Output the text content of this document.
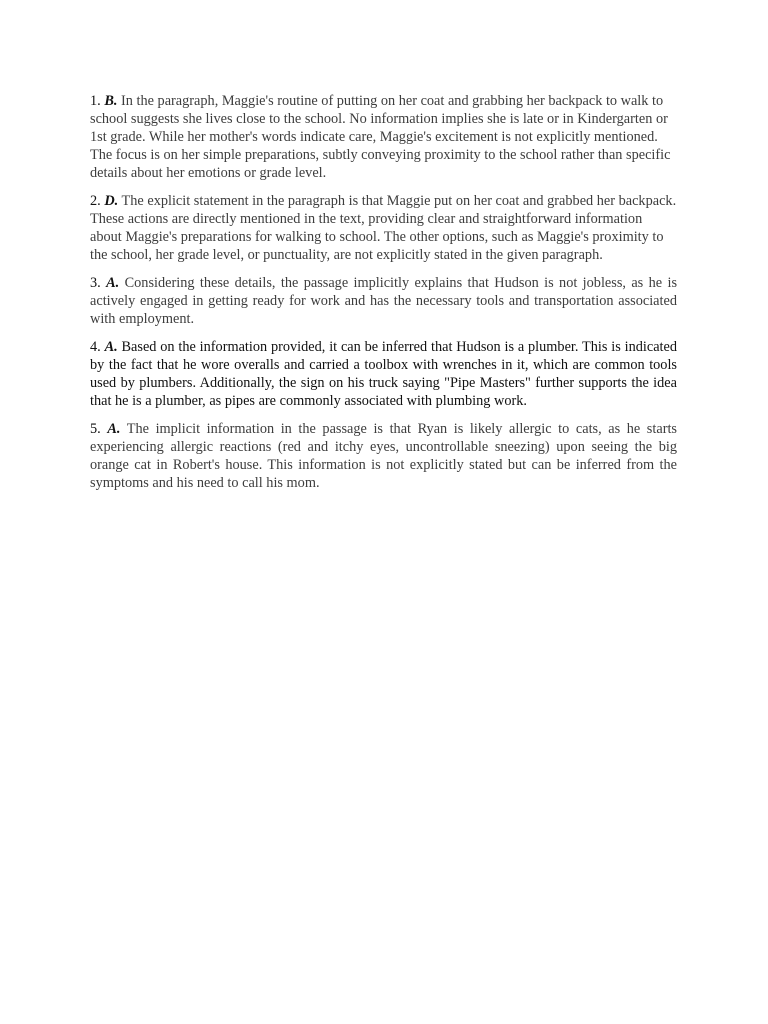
1. B. In the paragraph, Maggie's routine of putting on her coat and grabbing her backpack to walk to school suggests she lives close to the school. No information implies she is late or in Kindergarten or 1st grade. While her mother's words indicate care, Maggie's excitement is not explicitly mentioned. The focus is on her simple preparations, subtly conveying proximity to the school rather than specific details about her emotions or grade level.

2. D. The explicit statement in the paragraph is that Maggie put on her coat and grabbed her backpack. These actions are directly mentioned in the text, providing clear and straightforward information about Maggie's preparations for walking to school. The other options, such as Maggie's proximity to the school, her grade level, or punctuality, are not explicitly stated in the given paragraph.

3. A. Considering these details, the passage implicitly explains that Hudson is not jobless, as he is actively engaged in getting ready for work and has the necessary tools and transportation associated with employment.

4. A. Based on the information provided, it can be inferred that Hudson is a plumber. This is indicated by the fact that he wore overalls and carried a toolbox with wrenches in it, which are common tools used by plumbers. Additionally, the sign on his truck saying "Pipe Masters" further supports the idea that he is a plumber, as pipes are commonly associated with plumbing work.

5. A. The implicit information in the passage is that Ryan is likely allergic to cats, as he starts experiencing allergic reactions (red and itchy eyes, uncontrollable sneezing) upon seeing the big orange cat in Robert's house. This information is not explicitly stated but can be inferred from the symptoms and his need to call his mom.
